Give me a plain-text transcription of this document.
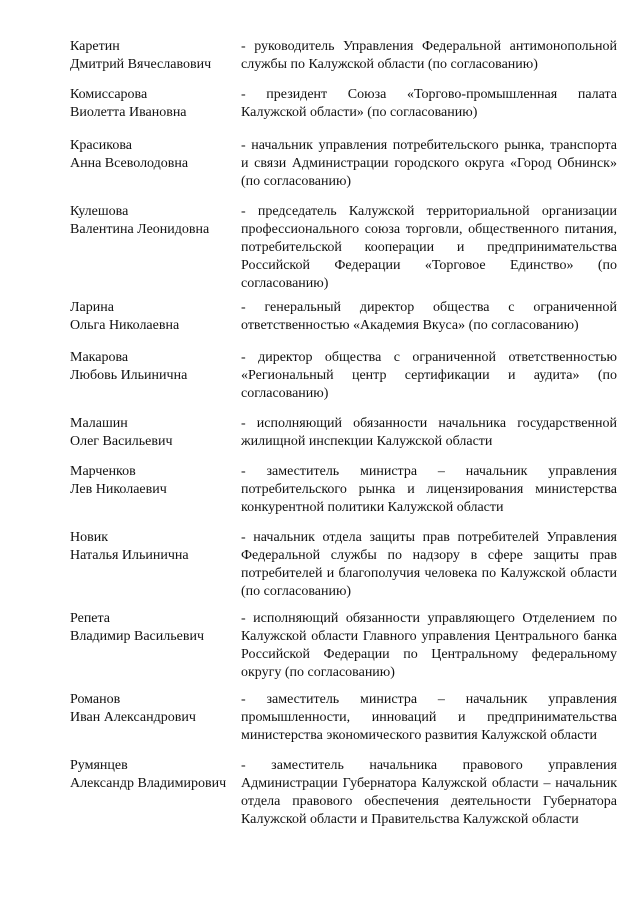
Каретин
Дмитрий Вячеславович
- руководитель Управления Федеральной антимонопольной службы по Калужской области (по согласованию)
Комиссарова
Виолетта Ивановна
- президент Союза «Торгово-промышленная палата Калужской области» (по согласованию)
Красикова
Анна Всеволодовна
- начальник управления потребительского рынка, транспорта и связи Администрации городского округа «Город Обнинск» (по согласованию)
Кулешова
Валентина Леонидовна
- председатель Калужской территориальной организации профессионального союза торговли, общественного питания, потребительской кооперации и предпринимательства Российской Федерации «Торговое Единство» (по согласованию)
Ларина
Ольга Николаевна
- генеральный директор общества с ограниченной ответственностью «Академия Вкуса» (по согласованию)
Макарова
Любовь Ильинична
- директор общества с ограниченной ответственностью «Региональный центр сертификации и аудита» (по согласованию)
Малашин
Олег Васильевич
- исполняющий обязанности начальника государственной жилищной инспекции Калужской области
Марченков
Лев Николаевич
- заместитель министра – начальник управления потребительского рынка и лицензирования министерства конкурентной политики Калужской области
Новик
Наталья Ильинична
- начальник отдела защиты прав потребителей Управления Федеральной службы по надзору в сфере защиты прав потребителей и благополучия человека по Калужской области (по согласованию)
Репета
Владимир Васильевич
- исполняющий обязанности управляющего Отделением по Калужской области Главного управления Центрального банка Российской Федерации по Центральному федеральному округу (по согласованию)
Романов
Иван Александрович
- заместитель министра – начальник управления промышленности, инноваций и предпринимательства министерства экономического развития Калужской области
Румянцев
Александр Владимирович
- заместитель начальника правового управления Администрации Губернатора Калужской области – начальник отдела правового обеспечения деятельности Губернатора Калужской области и Правительства Калужской области
